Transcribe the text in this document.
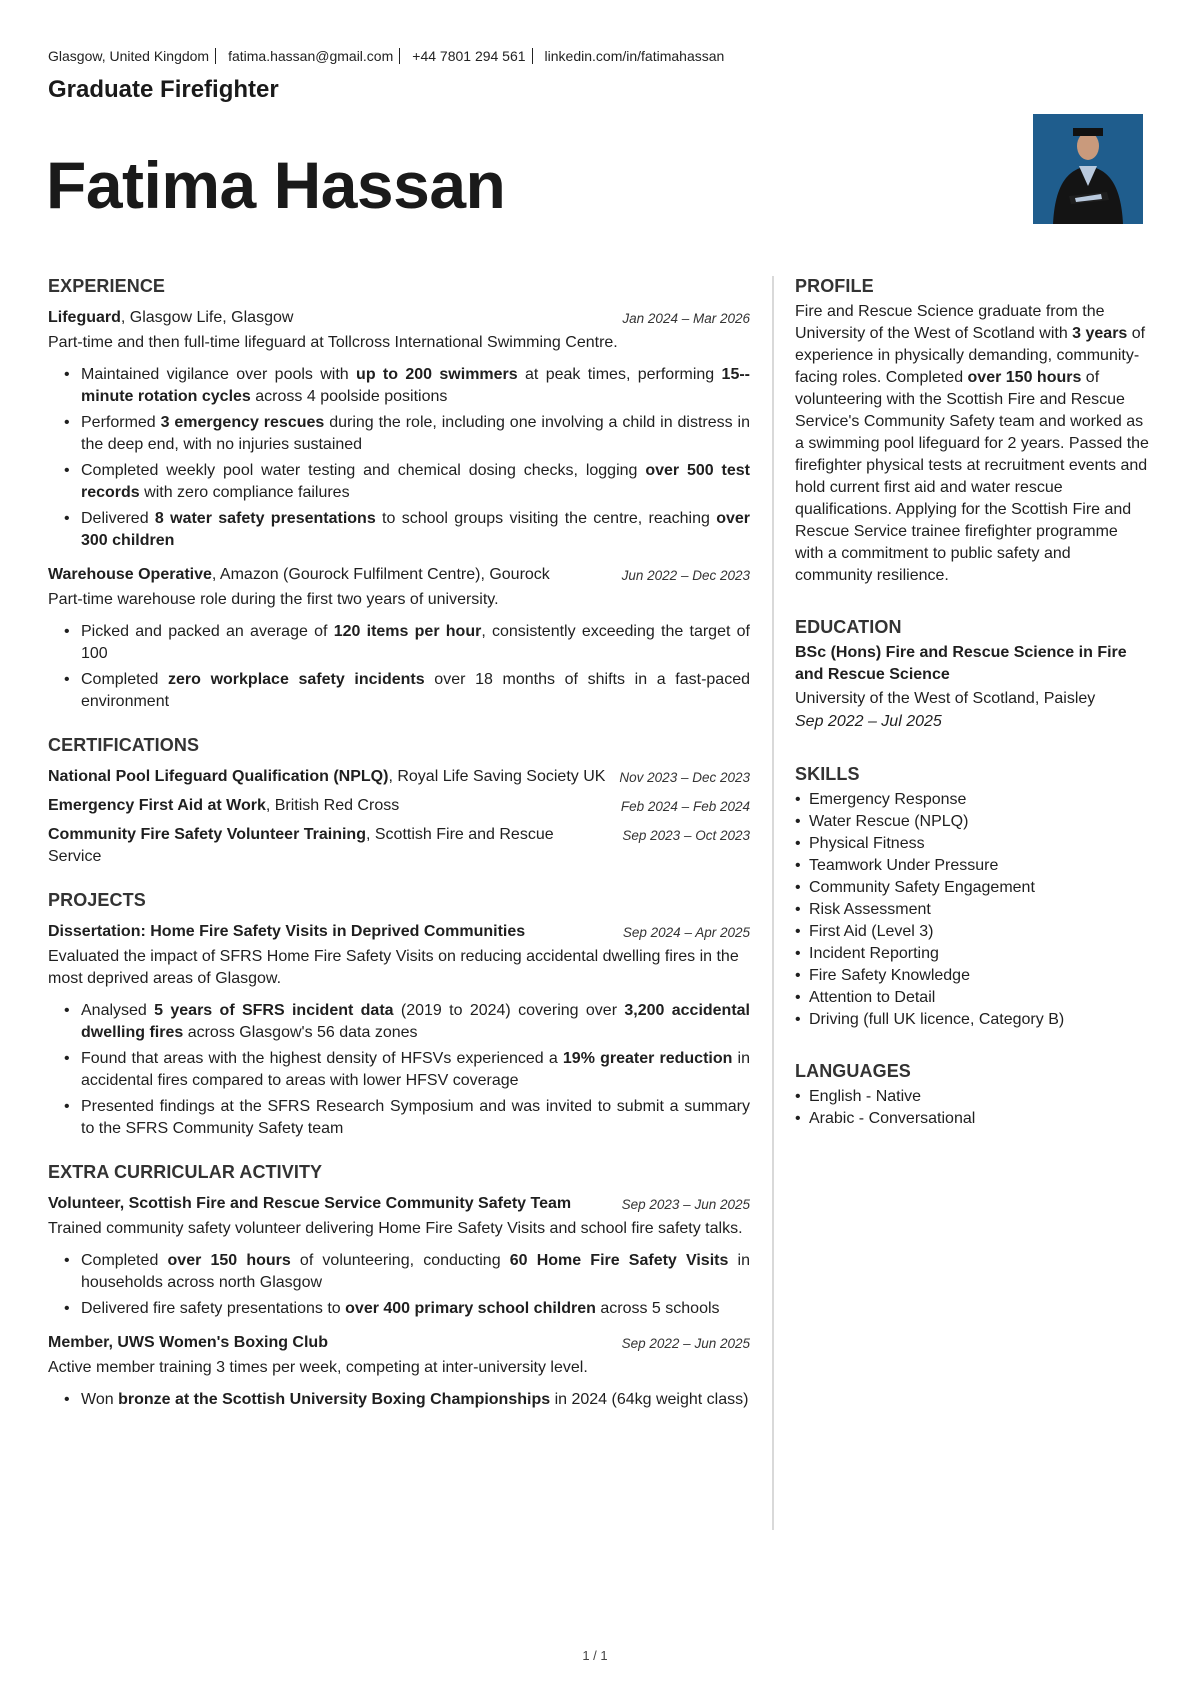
Glasgow, United Kingdom fatima.hassan@gmail.com +44 7801 294 561 linkedin.com/in/fatimahassan
Graduate Firefighter
Fatima Hassan
EXPERIENCE
Lifeguard, Glasgow Life, Glasgow	Jan 2024 – Mar 2026
Part-time and then full-time lifeguard at Tollcross International Swimming Centre.
• Maintained vigilance over pools with up to 200 swimmers at peak times, performing 15--minute rotation cycles across 4 poolside positions
• Performed 3 emergency rescues during the role, including one involving a child in distress in the deep end, with no injuries sustained
• Completed weekly pool water testing and chemical dosing checks, logging over 500 test records with zero compliance failures
• Delivered 8 water safety presentations to school groups visiting the centre, reaching over 300 children
Warehouse Operative, Amazon (Gourock Fulfilment Centre), Gourock	Jun 2022 – Dec 2023
Part-time warehouse role during the first two years of university.
• Picked and packed an average of 120 items per hour, consistently exceeding the target of 100
• Completed zero workplace safety incidents over 18 months of shifts in a fast-paced environment
CERTIFICATIONS
National Pool Lifeguard Qualification (NPLQ), Royal Life Saving Society UK Nov 2023 – Dec 2023
Emergency First Aid at Work, British Red Cross	Feb 2024 – Feb 2024
Community Fire Safety Volunteer Training, Scottish Fire and Rescue Service
Sep 2023 – Oct 2023
PROJECTS
Dissertation: Home Fire Safety Visits in Deprived Communities	Sep 2024 – Apr 2025
Evaluated the impact of SFRS Home Fire Safety Visits on reducing accidental dwelling fires in the most deprived areas of Glasgow.
• Analysed 5 years of SFRS incident data (2019 to 2024) covering over 3,200 accidental dwelling fires across Glasgow's 56 data zones
• Found that areas with the highest density of HFSVs experienced a 19% greater reduction in accidental fires compared to areas with lower HFSV coverage
• Presented findings at the SFRS Research Symposium and was invited to submit a summary to the SFRS Community Safety team
EXTRA CURRICULAR ACTIVITY
Volunteer, Scottish Fire and Rescue Service Community Safety Team	Sep 2023 – Jun 2025
Trained community safety volunteer delivering Home Fire Safety Visits and school fire safety talks.
• Completed over 150 hours of volunteering, conducting 60 Home Fire Safety Visits in households across north Glasgow
• Delivered fire safety presentations to over 400 primary school children across 5 schools
Member, UWS Women's Boxing Club	Sep 2022 – Jun 2025
Active member training 3 times per week, competing at inter-university level.
• Won bronze at the Scottish University Boxing Championships in 2024 (64kg weight class)
PROFILE
Fire and Rescue Science graduate from the University of the West of Scotland with 3 years of experience in physically demanding, community-facing roles. Completed over 150 hours of volunteering with the Scottish Fire and Rescue Service's Community Safety team and worked as a swimming pool lifeguard for 2 years. Passed the firefighter physical tests at recruitment events and hold current first aid and water rescue qualifications. Applying for the Scottish Fire and Rescue Service trainee firefighter programme with a commitment to public safety and community resilience.
EDUCATION
BSc (Hons) Fire and Rescue Science in Fire and Rescue Science
University of the West of Scotland, Paisley
Sep 2022 – Jul 2025
SKILLS
• Emergency Response
• Water Rescue (NPLQ)
• Physical Fitness
• Teamwork Under Pressure
• Community Safety Engagement
• Risk Assessment
• First Aid (Level 3)
• Incident Reporting
• Fire Safety Knowledge
• Attention to Detail
• Driving (full UK licence, Category B)
LANGUAGES
• English - Native
• Arabic - Conversational
1 / 1
